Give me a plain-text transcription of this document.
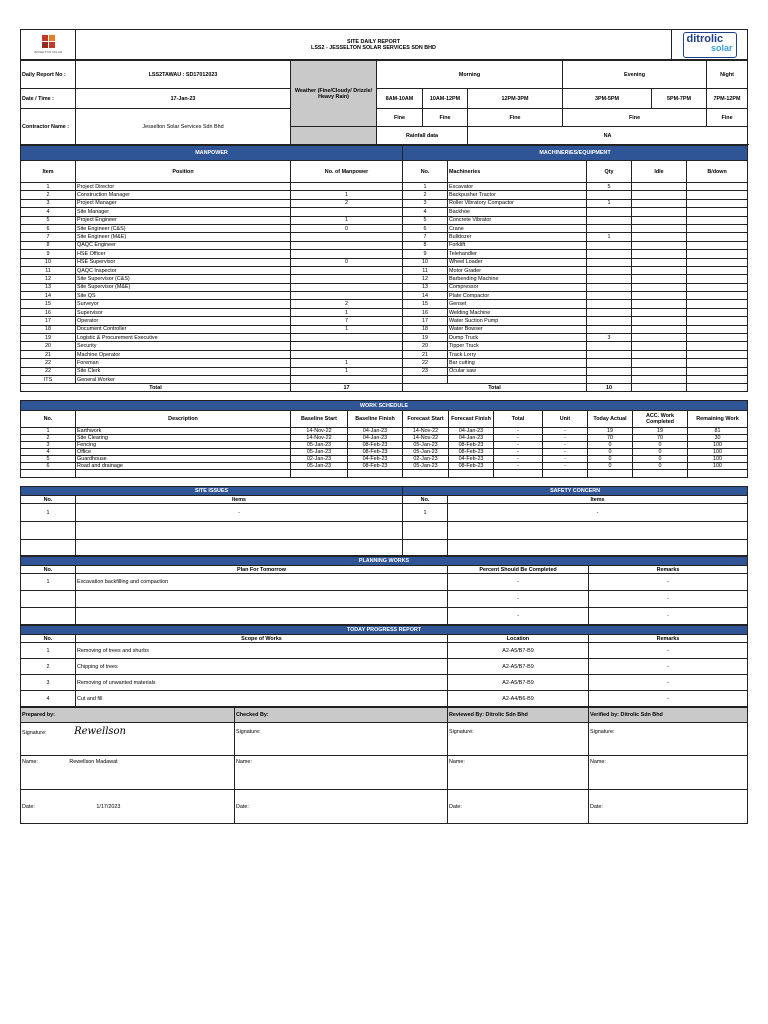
JESSELTON SOLAR

SITE DAILY REPORT
LSS2 - JESSELTON SOLAR SERVICES SDN BHD

ditrolic
solar
Daily Report No :	LSS2TAWAU : SD17012023	Weather (Fine/Cloudy/ Drizzle/ Heavy Rain)	Morning			Evening		Night	
Date / Time :	17-Jan-23		8AM-10AM	10AM-12PM	12PM-3PM	3PM-5PM	5PM-7PM	7PM-12PM	
Contractor Name :	Jesselton Solar Services Sdn Bhd		Fine	Fine	Fine	Fine		Fine	
			Rainfall data		NA				
MANPOWER			MACHINERIES/EQUIPMENT				
Item	Position	No. of Manpower	No.	Machineries	Qty	Idle	B/down
1	Project Director		1	Excavator	5		
2	Construction Manager	1	2	Backpusher Tractor			
3	Project Manager	2	3	Roller Vibratory Compactor	1		
4	Site Manager		4	Backhoe			
5	Project Engineer	1	5	Concrete Vibrator			
6	Site Engineer (C&S)	0	6	Crane			
7	Site Engineer (M&E)		7	Bulldozer	1		
8	QAQC Engineer		8	Forklift			
9	HSE Officer		9	Telehandler			
10	HSE Supervisor	0	10	Wheel Loader			
11	QAQC Inspector		11	Motor Grader			
12	Site Supervisor (C&S)		12	Barbending Machine			
13	Site Supervisor (M&E)		13	Compressor			
14	Site QS		14	Plate Compactor			
15	Surveyor	2	15	Genset			
16	Supervisor	1	16	Welding Machine			
17	Operator	7	17	Water Suction Pump			
18	Document Controller	1	18	Water Bowser			
19	Logistic & Procurement Executive		19	Dump Truck	3		
20	Security		20	Tipper Truck			
21	Machine Operator		21	Track Lorry			
22	Foreman	1	22	Bar cutting			
22	Site Clerk	1	23	Ocular saw			
ITS	General Worker						
Total		17	Total		10		
WORK SCHEDULE										
No.	Description	Baseline Start	Baseline Finish	Forecast Start	Forecast Finish	Total	Unit	Today Actual	ACC. Work Completed	Remaining Work
1	Earthwork	14-Nov-22	04-Jan-23	14-Nov-22	04-Jan-23	-	-	19	19	81
2	Site Clearing	14-Nov-22	04-Jan-23	14-Nov-22	04-Jan-23	-	-	70	70	30
3	Fencing	05-Jan-23	08-Feb-23	05-Jan-23	08-Feb-23	-	-	0	0	100
4	Office	05-Jan-23	08-Feb-23	05-Jan-23	08-Feb-23	-	-	0	0	100
5	Guardhouse	02-Jan-23	04-Feb-23	02-Jan-23	04-Feb-23	-	-	0	0	100
6	Road and drainage	05-Jan-23	08-Feb-23	05-Jan-23	08-Feb-23	-	-	0	0	100

SITE ISSUES		SAFETY CONCERN	
No.	Items	No.	Items
1	-	1	-

PLANNING WORKS			
No.	Plan For Tomorrow	Percent Should Be Completed	Remarks
1	Excavation backfilling and compaction	-	-
		-	-
		-	-
TODAY PROGRESS REPORT			
No.	Scope of Works	Location	Remarks
1	Removing of trees and shurbs	A2-A5/B7-B9	-
2	Chipping of trees	A2-A5/B7-B9	-
3	Removing of unwanted materials	A2-A5/B7-B9	-
4	Cut and fill	A2-A4/B6-B9	-
Prepared by:	Checked By:	Reviewed By: Ditrolic Sdn Bhd	Verified by: Ditrolic Sdn Bhd
Signature: Rewellson	Signature:	Signature:	Signature:
Name: Rewellson Madawat	Name:	Name:	Name:
Date: 1/17/2023	Date:	Date:	Date:
